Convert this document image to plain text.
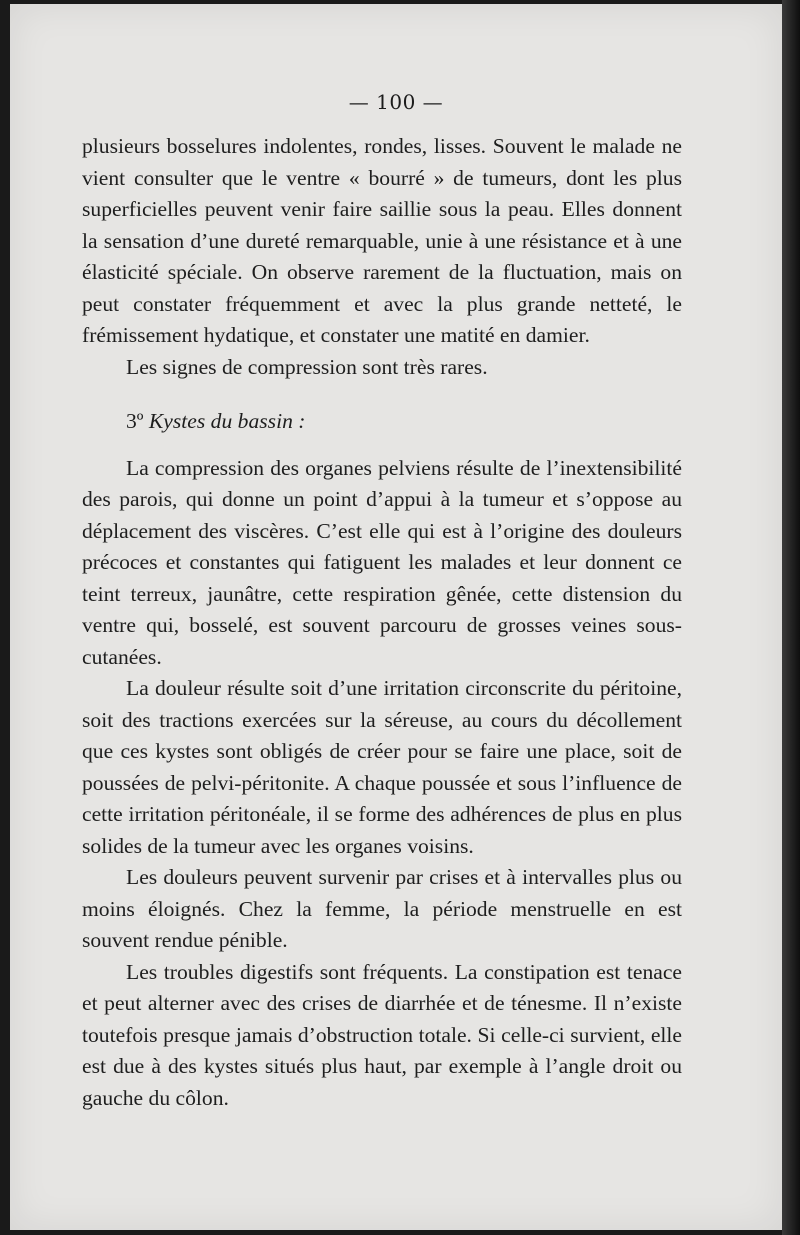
— 100 —

plusieurs bosselures indolentes, rondes, lisses. Souvent le malade ne vient consulter que le ventre « bourré » de tumeurs, dont les plus superficielles peuvent venir faire saillie sous la peau. Elles donnent la sensation d’une dureté remarquable, unie à une résistance et à une élasticité spéciale. On observe rarement de la fluctuation, mais on peut constater fréquemment et avec la plus grande netteté, le frémissement hydatique, et constater une matité en damier.

Les signes de compression sont très rares.

3º Kystes du bassin :

La compression des organes pelviens résulte de l’inextensibilité des parois, qui donne un point d’appui à la tumeur et s’oppose au déplacement des viscères. C’est elle qui est à l’origine des douleurs précoces et constantes qui fatiguent les malades et leur donnent ce teint terreux, jaunâtre, cette respiration gênée, cette distension du ventre qui, bosselé, est souvent parcouru de grosses veines sous-cutanées.

La douleur résulte soit d’une irritation circonscrite du péritoine, soit des tractions exercées sur la séreuse, au cours du décollement que ces kystes sont obligés de créer pour se faire une place, soit de poussées de pelvi-péritonite. A chaque poussée et sous l’influence de cette irritation péritonéale, il se forme des adhérences de plus en plus solides de la tumeur avec les organes voisins.

Les douleurs peuvent survenir par crises et à intervalles plus ou moins éloignés. Chez la femme, la période menstruelle en est souvent rendue pénible.

Les troubles digestifs sont fréquents. La constipation est tenace et peut alterner avec des crises de diarrhée et de ténesme. Il n’existe toutefois presque jamais d’obstruction totale. Si celle-ci survient, elle est due à des kystes situés plus haut, par exemple à l’angle droit ou gauche du côlon.
